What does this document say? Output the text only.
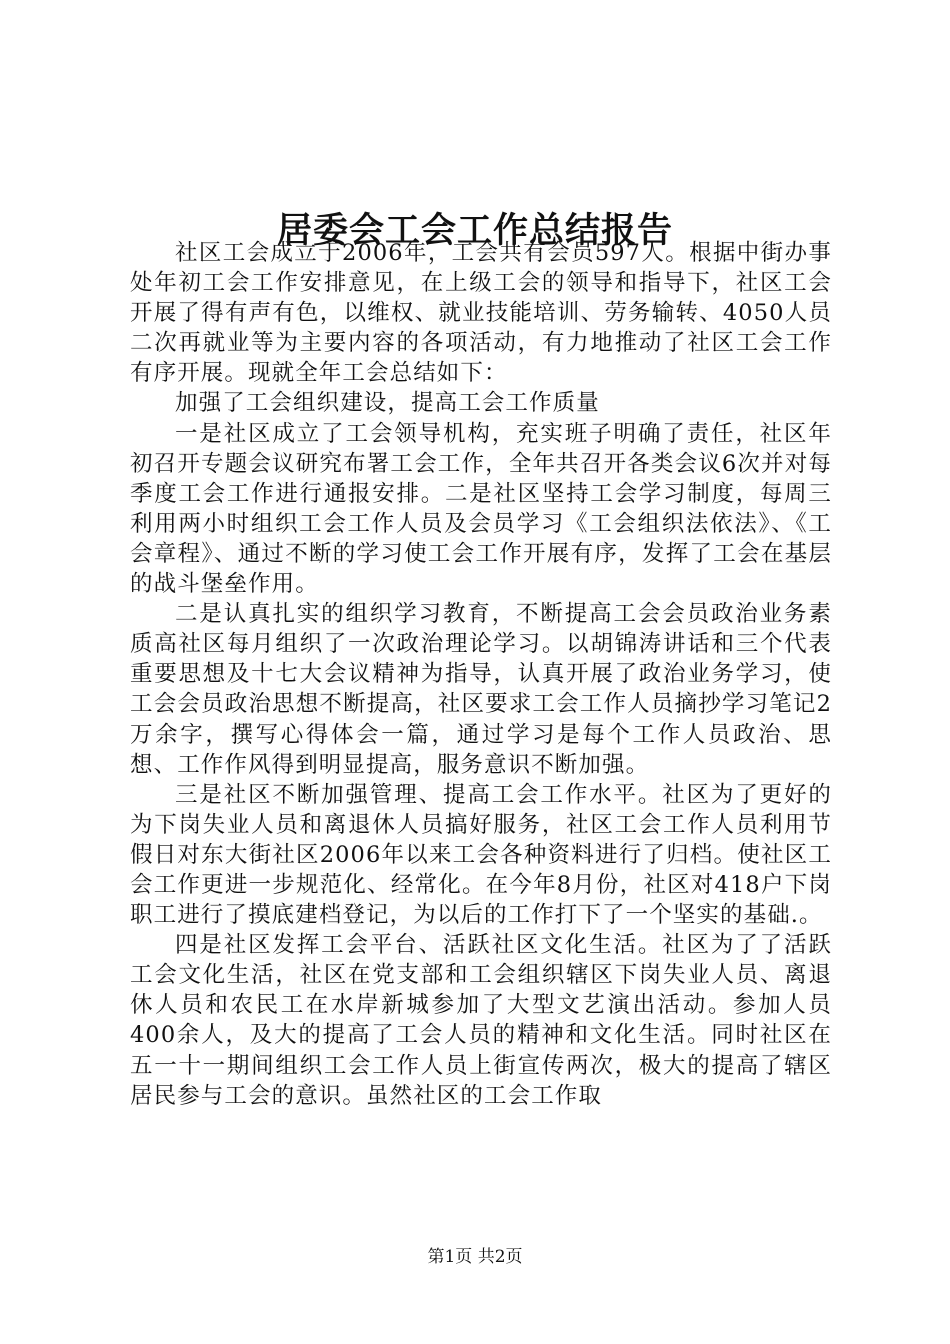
居委会工会工作总结报告

社区工会成立于2006年，工会共有会员597人。根据中街办事处年初工会工作安排意见，在上级工会的领导和指导下，社区工会开展了得有声有色，以维权、就业技能培训、劳务输转、4050人员二次再就业等为主要内容的各项活动，有力地推动了社区工会工作有序开展。现就全年工会总结如下：

加强了工会组织建设，提高工会工作质量

一是社区成立了工会领导机构，充实班子明确了责任，社区年初召开专题会议研究布署工会工作，全年共召开各类会议6次并对每季度工会工作进行通报安排。二是社区坚持工会学习制度，每周三利用两小时组织工会工作人员及会员学习《工会组织法依法》、《工会章程》、通过不断的学习使工会工作开展有序，发挥了工会在基层的战斗堡垒作用。

二是认真扎实的组织学习教育，不断提高工会会员政治业务素质高社区每月组织了一次政治理论学习。以胡锦涛讲话和三个代表重要思想及十七大会议精神为指导，认真开展了政治业务学习，使工会会员政治思想不断提高，社区要求工会工作人员摘抄学习笔记2万余字，撰写心得体会一篇，通过学习是每个工作人员政治、思想、工作作风得到明显提高，服务意识不断加强。

三是社区不断加强管理、提高工会工作水平。社区为了更好的为下岗失业人员和离退休人员搞好服务，社区工会工作人员利用节假日对东大街社区2006年以来工会各种资料进行了归档。使社区工会工作更进一步规范化、经常化。在今年8月份，社区对418户下岗职工进行了摸底建档登记，为以后的工作打下了一个坚实的基础.。

四是社区发挥工会平台、活跃社区文化生活。社区为了了活跃工会文化生活，社区在党支部和工会组织辖区下岗失业人员、离退休人员和农民工在水岸新城参加了大型文艺演出活动。参加人员400余人，及大的提高了工会人员的精神和文化生活。同时社区在五一十一期间组织工会工作人员上街宣传两次，极大的提高了辖区居民参与工会的意识。虽然社区的工会工作取

第1页 共2页
